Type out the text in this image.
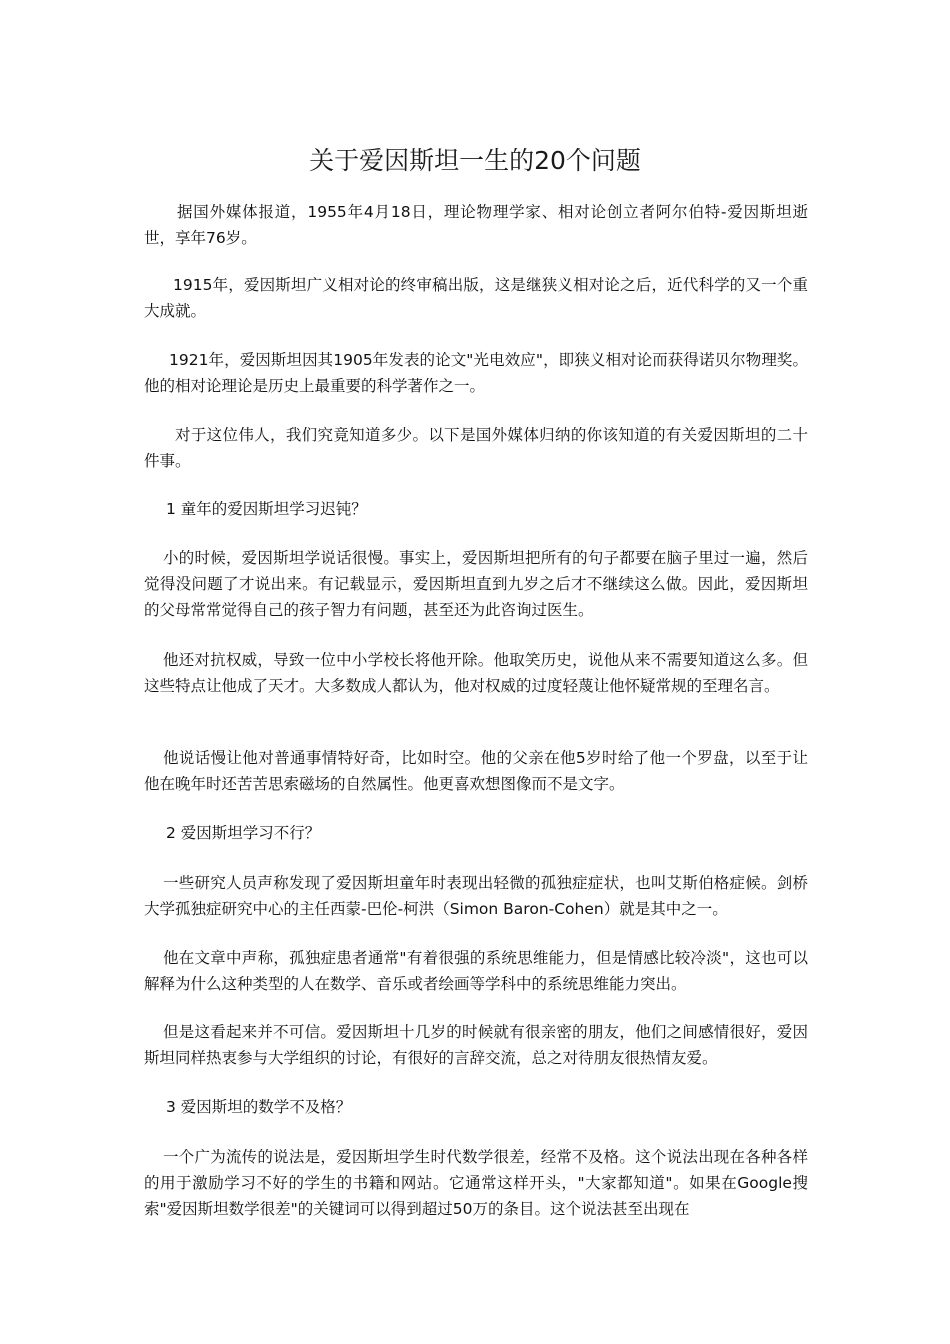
关于爱因斯坦一生的20个问题

据国外媒体报道，1955年4月18日，理论物理学家、相对论创立者阿尔伯特-爱因斯坦逝世，享年76岁。

1915年，爱因斯坦广义相对论的终审稿出版，这是继狭义相对论之后，近代科学的又一个重大成就。

1921年，爱因斯坦因其1905年发表的论文"光电效应"，即狭义相对论而获得诺贝尔物理奖。他的相对论理论是历史上最重要的科学著作之一。

对于这位伟人，我们究竟知道多少。以下是国外媒体归纳的你该知道的有关爱因斯坦的二十件事。

1 童年的爱因斯坦学习迟钝？

小的时候，爱因斯坦学说话很慢。事实上，爱因斯坦把所有的句子都要在脑子里过一遍，然后觉得没问题了才说出来。有记载显示，爱因斯坦直到九岁之后才不继续这么做。因此，爱因斯坦的父母常常觉得自己的孩子智力有问题，甚至还为此咨询过医生。

他还对抗权威，导致一位中小学校长将他开除。他取笑历史，说他从来不需要知道这么多。但这些特点让他成了天才。大多数成人都认为，他对权威的过度轻蔑让他怀疑常规的至理名言。

他说话慢让他对普通事情特好奇，比如时空。他的父亲在他5岁时给了他一个罗盘，以至于让他在晚年时还苦苦思索磁场的自然属性。他更喜欢想图像而不是文字。

2 爱因斯坦学习不行？

一些研究人员声称发现了爱因斯坦童年时表现出轻微的孤独症症状，也叫艾斯伯格症候。剑桥大学孤独症研究中心的主任西蒙-巴伦-柯洪（Simon Baron-Cohen）就是其中之一。

他在文章中声称，孤独症患者通常"有着很强的系统思维能力，但是情感比较冷淡"，这也可以解释为什么这种类型的人在数学、音乐或者绘画等学科中的系统思维能力突出。

但是这看起来并不可信。爱因斯坦十几岁的时候就有很亲密的朋友，他们之间感情很好，爱因斯坦同样热衷参与大学组织的讨论，有很好的言辞交流，总之对待朋友很热情友爱。

3 爱因斯坦的数学不及格？

一个广为流传的说法是，爱因斯坦学生时代数学很差，经常不及格。这个说法出现在各种各样的用于激励学习不好的学生的书籍和网站。它通常这样开头，"大家都知道"。如果在Google搜索"爱因斯坦数学很差"的关键词可以得到超过50万的条目。这个说法甚至出现在
